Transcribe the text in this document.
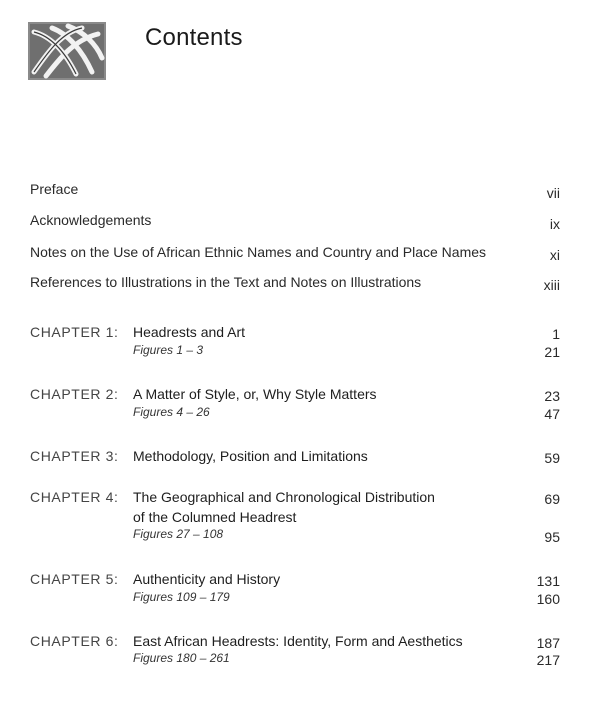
Contents
Preface	vii
Acknowledgements	ix
Notes on the Use of African Ethnic Names and Country and Place Names	xi
References to Illustrations in the Text and Notes on Illustrations	xiii
CHAPTER 1: Headrests and Art	1
Figures 1 – 3	21
CHAPTER 2: A Matter of Style, or, Why Style Matters	23
Figures 4 – 26	47
CHAPTER 3: Methodology, Position and Limitations	59
CHAPTER 4: The Geographical and Chronological Distribution	69
of the Columned Headrest
Figures 27 – 108	95
CHAPTER 5: Authenticity and History	131
Figures 109 – 179	160
CHAPTER 6: East African Headrests: Identity, Form and Aesthetics	187
Figures 180 – 261	217
